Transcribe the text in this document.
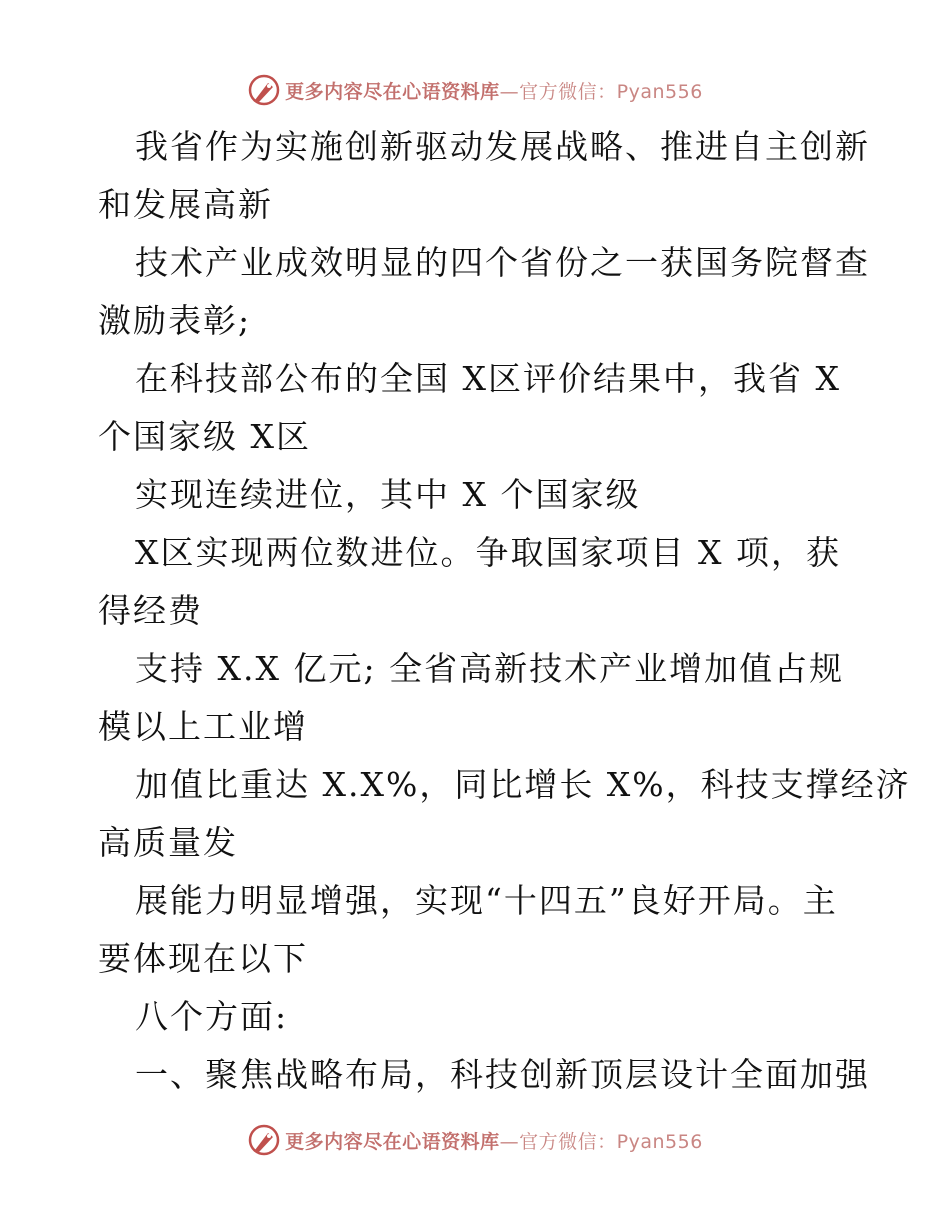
更多内容尽在心语资料库—官方微信：Pyan556

我省作为实施创新驱动发展战略、推进自主创新

和发展高新

技术产业成效明显的四个省份之一获国务院督查

激励表彰;

在科技部公布的全国 X区评价结果中，我省 X

个国家级 X区

实现连续进位，其中 X 个国家级

X区实现两位数进位。争取国家项目 X 项，获

得经费

支持 X.X 亿元; 全省高新技术产业增加值占规

模以上工业增

加值比重达 X.X%，同比增长 X%，科技支撑经济

高质量发

展能力明显增强，实现“十四五”良好开局。主

要体现在以下

八个方面:

一、聚焦战略布局，科技创新顶层设计全面加强

更多内容尽在心语资料库—官方微信：Pyan556
